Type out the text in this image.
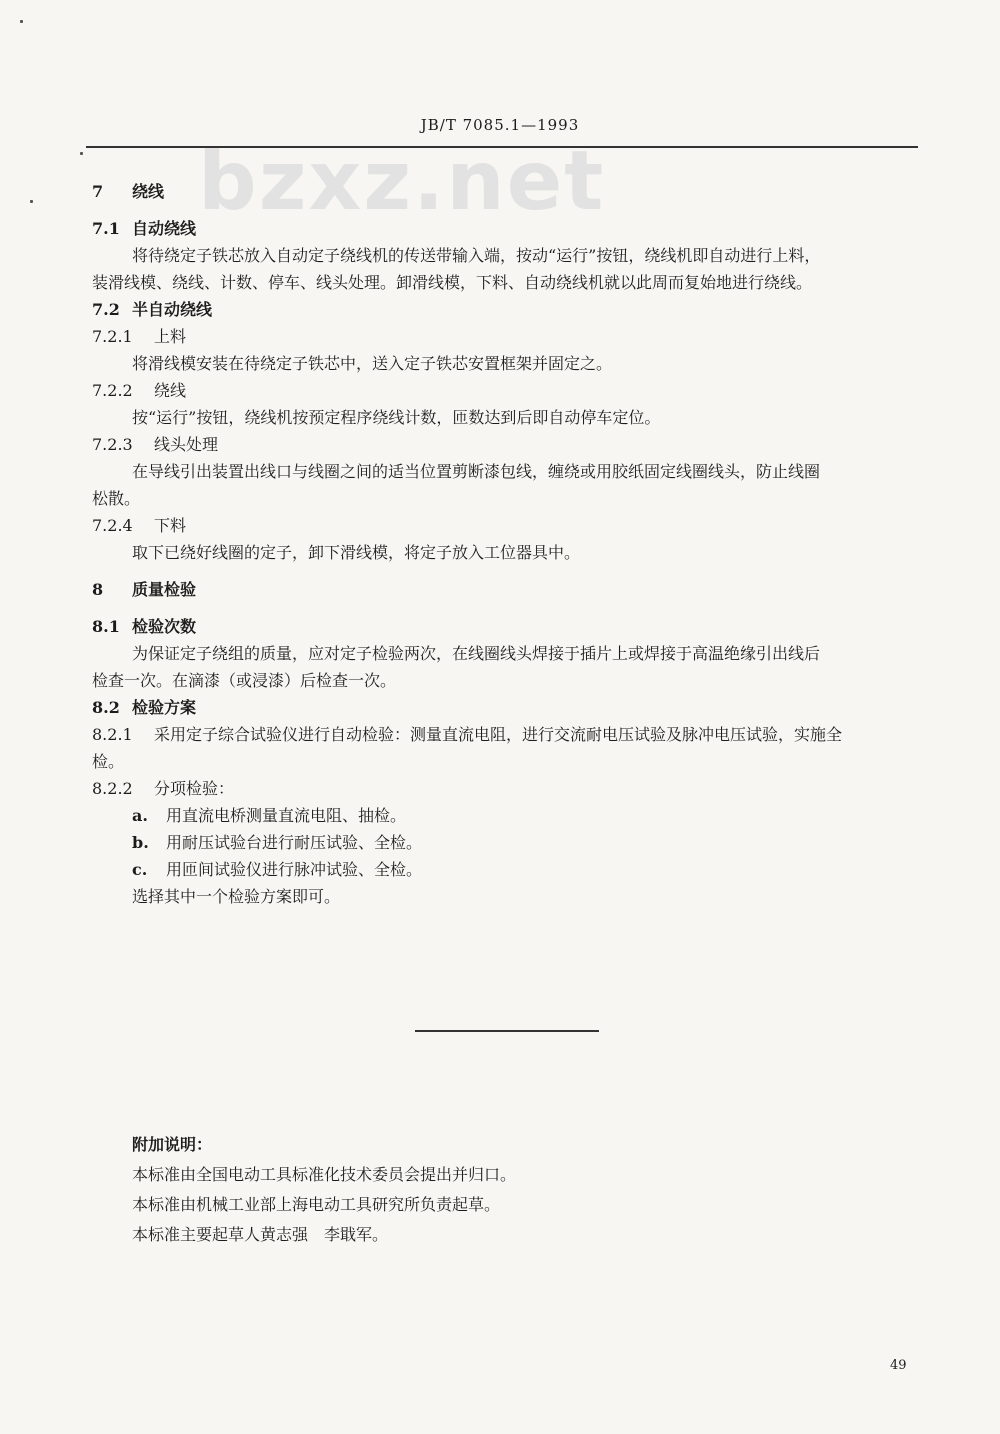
bzxz.net
JB/T 7085.1—1993
7 绕线
7.1 自动绕线
将待绕定子铁芯放入自动定子绕线机的传送带输入端，按动“运行”按钮，绕线机即自动进行上料，
装滑线模、绕线、计数、停车、线头处理。卸滑线模，下料、自动绕线机就以此周而复始地进行绕线。
7.2 半自动绕线
7.2.1 上料
将滑线模安装在待绕定子铁芯中，送入定子铁芯安置框架并固定之。
7.2.2 绕线
按“运行”按钮，绕线机按预定程序绕线计数，匝数达到后即自动停车定位。
7.2.3 线头处理
在导线引出装置出线口与线圈之间的适当位置剪断漆包线，缠绕或用胶纸固定线圈线头，防止线圈
松散。
7.2.4 下料
取下已绕好线圈的定子，卸下滑线模，将定子放入工位器具中。
8 质量检验
8.1 检验次数
为保证定子绕组的质量，应对定子检验两次，在线圈线头焊接于插片上或焊接于高温绝缘引出线后
检查一次。在滴漆（或浸漆）后检查一次。
8.2 检验方案
8.2.1 采用定子综合试验仪进行自动检验：测量直流电阻，进行交流耐电压试验及脉冲电压试验，实施全
检。
8.2.2 分项检验：
a. 用直流电桥测量直流电阻、抽检。
b. 用耐压试验台进行耐压试验、全检。
c. 用匝间试验仪进行脉冲试验、全检。
选择其中一个检验方案即可。
附加说明：
本标准由全国电动工具标准化技术委员会提出并归口。
本标准由机械工业部上海电动工具研究所负责起草。
本标准主要起草人黄志强　李戢军。
49
